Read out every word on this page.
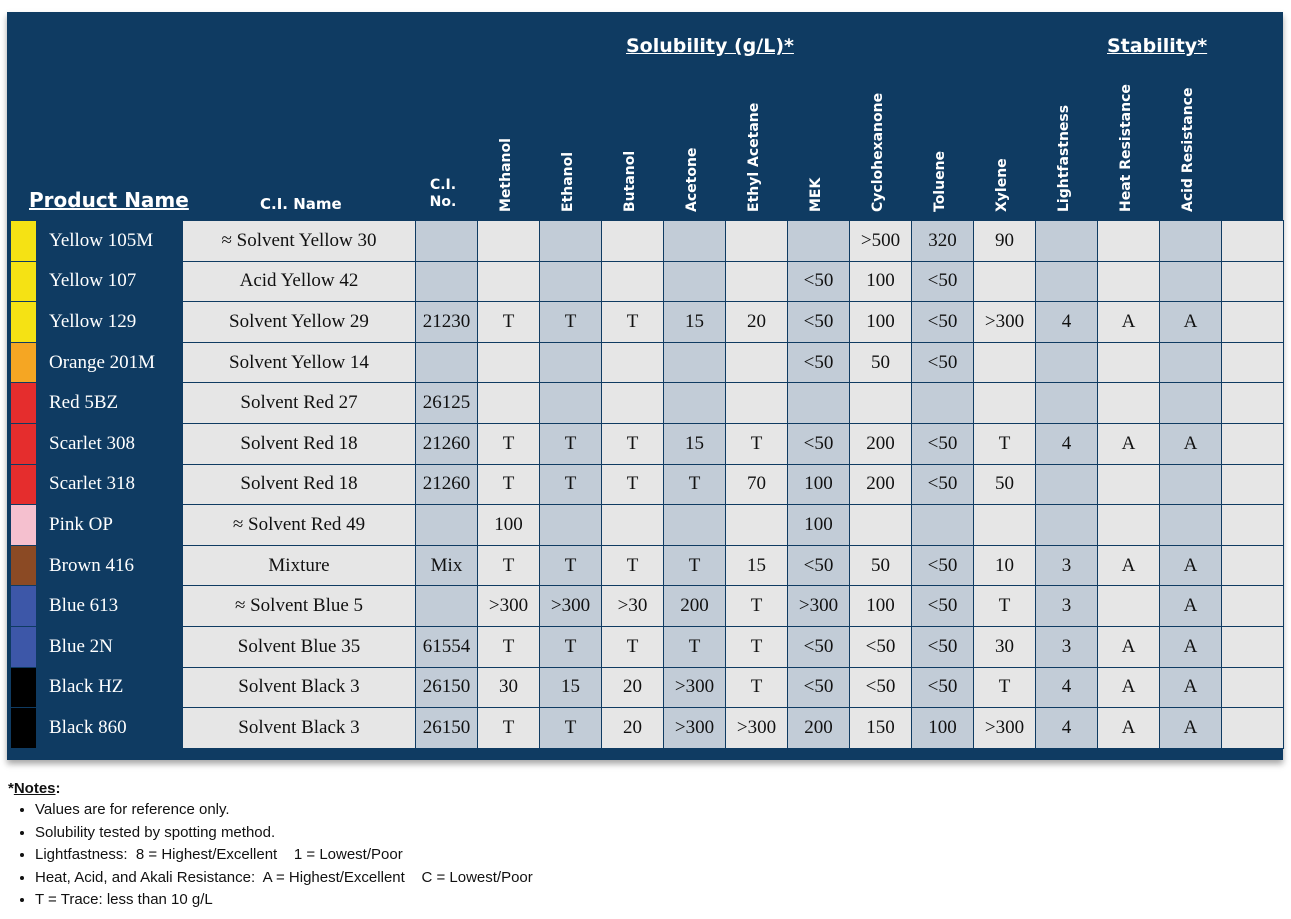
Solubility (g/L)*	Stability*
Product Name	C.I. Name
C.I.
No.	Methanol	Ethanol	Butanol	Acetone	Ethyl Acetane	MEK	Cyclohexanone	Toluene	Xylene	Lightfastness	Heat Resistance	Acid Resistance
	Yellow 105M	≈ Solvent Yellow 30								>500	320	90				
	Yellow 107	Acid Yellow 42							<50	100	<50					
	Yellow 129	Solvent Yellow 29	21230	T	T	T	15	20	<50	100	<50	>300	4	A	A	
	Orange 201M	Solvent Yellow 14							<50	50	<50					
	Red 5BZ	Solvent Red 27	26125													
	Scarlet 308	Solvent Red 18	21260	T	T	T	15	T	<50	200	<50	T	4	A	A	
	Scarlet 318	Solvent Red 18	21260	T	T	T	T	70	100	200	<50	50				
	Pink OP	≈ Solvent Red 49		100					100							
	Brown 416	Mixture	Mix	T	T	T	T	15	<50	50	<50	10	3	A	A	
	Blue 613	≈ Solvent Blue 5		>300	>300	>30	200	T	>300	100	<50	T	3		A	
	Blue 2N	Solvent Blue 35	61554	T	T	T	T	T	<50	<50	<50	30	3	A	A	
	Black HZ	Solvent Black 3	26150	30	15	20	>300	T	<50	<50	<50	T	4	A	A	
	Black 860	Solvent Black 3	26150	T	T	20	>300	>300	200	150	100	>300	4	A	A	
*Notes:
• Values are for reference only.
• Solubility tested by spotting method.
• Lightfastness:  8 = Highest/Excellent    1 = Lowest/Poor
• Heat, Acid, and Akali Resistance:  A = Highest/Excellent    C = Lowest/Poor
• T = Trace: less than 10 g/L
